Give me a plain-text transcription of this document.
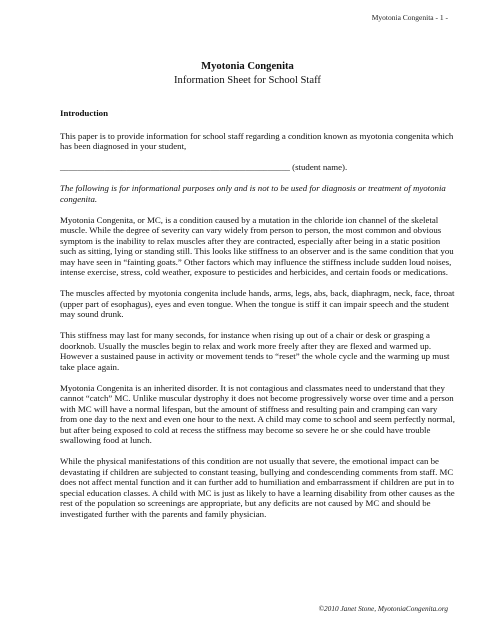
Myotonia Congenita - 1 -
Myotonia Congenita
Information Sheet for School Staff
Introduction
This paper is to provide information for school staff regarding a condition known as myotonia congenita which has been diagnosed in your student,
____________________________________________________ (student name).
The following is for informational purposes only and is not to be used for diagnosis or treatment of myotonia congenita.
Myotonia Congenita, or MC, is a condition caused by a mutation in the chloride ion channel of the skeletal muscle. While the degree of severity can vary widely from person to person, the most common and obvious symptom is the inability to relax muscles after they are contracted, especially after being in a static position such as sitting, lying or standing still. This looks like stiffness to an observer and is the same condition that you may have seen in “fainting goats.” Other factors which may influence the stiffness include sudden loud noises, intense exercise, stress, cold weather, exposure to pesticides and herbicides, and certain foods or medications.
The muscles affected by myotonia congenita include hands, arms, legs, abs, back, diaphragm, neck, face, throat (upper part of esophagus), eyes and even tongue. When the tongue is stiff it can impair speech and the student may sound drunk.
This stiffness may last for many seconds, for instance when rising up out of a chair or desk or grasping a doorknob. Usually the muscles begin to relax and work more freely after they are flexed and warmed up. However a sustained pause in activity or movement tends to “reset” the whole cycle and the warming up must take place again.
Myotonia Congenita is an inherited disorder. It is not contagious and classmates need to understand that they cannot “catch” MC. Unlike muscular dystrophy it does not become progressively worse over time and a person with MC will have a normal lifespan, but the amount of stiffness and resulting pain and cramping can vary from one day to the next and even one hour to the next. A child may come to school and seem perfectly normal, but after being exposed to cold at recess the stiffness may become so severe he or she could have trouble swallowing food at lunch.
While the physical manifestations of this condition are not usually that severe, the emotional impact can be devastating if children are subjected to constant teasing, bullying and condescending comments from staff. MC does not affect mental function and it can further add to humiliation and embarrassment if children are put in to special education classes. A child with MC is just as likely to have a learning disability from other causes as the rest of the population so screenings are appropriate, but any deficits are not caused by MC and should be investigated further with the parents and family physician.
©2010 Janet Stone, MyotoniaCongenita.org
